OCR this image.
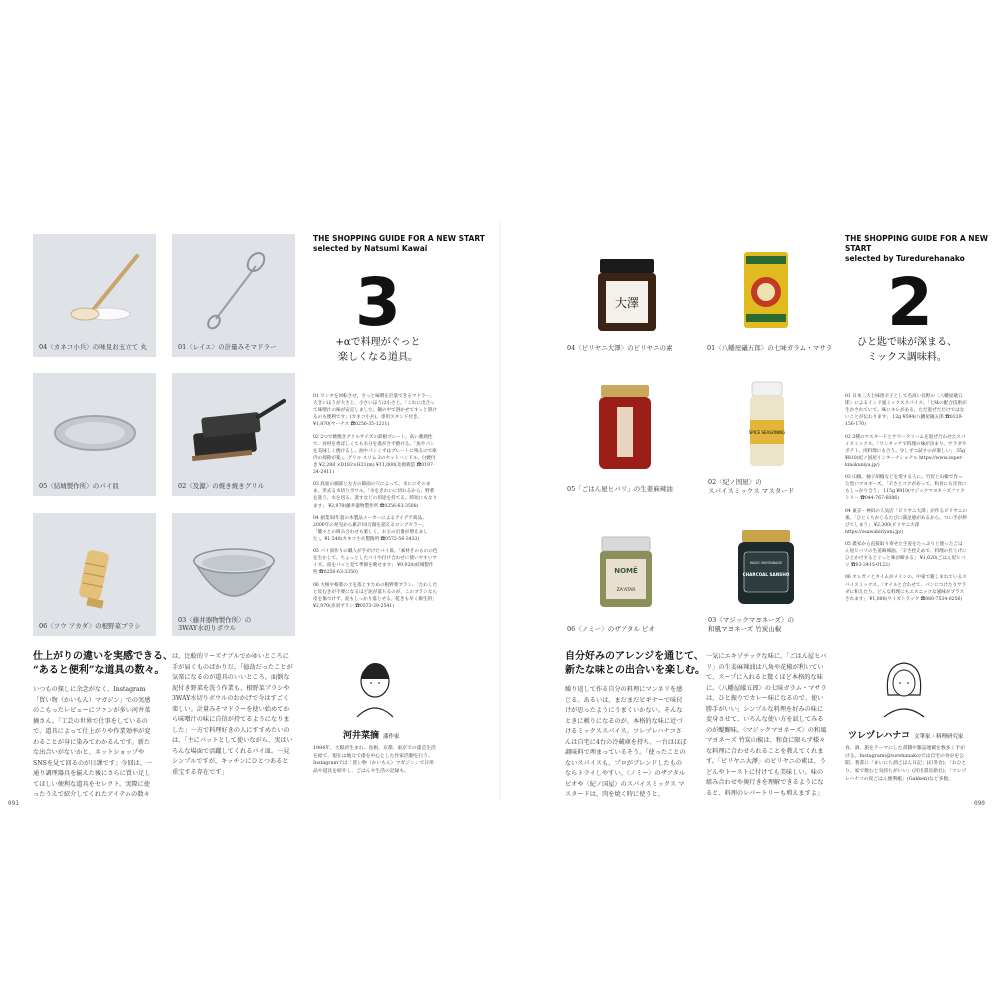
04〈カネコ小兵〉の味見お玉立て 丸	01〈レイエ〉の計量みそマドラー
05〈結城製作所〉のパイ皿	02〈及源〉の焼き焼きグリル
06〈ツウ アカダ〉の根野菜ブラシ
03〈藤井器物製作所〉の
3WAY水切りボウル
THE SHOPPING GUIDE FOR A NEW START
selected by Natsumi Kawai
3
+αで料理がぐっと
楽しくなる道具。

01 ワンタを回転させ、さっと味噌を計量できるマドラー。大きいほうが大さじ、小さいほうは小さじ。「これに出合って味噌汁の味が安定しました。鍋の中で溶かせてすっと溶けるのも便利です」(カネコ小兵)。専用スタンド付き。¥1,870(ヤーナス ☎0256-35-1211)

02 2つで焼焼きグリルサイズの鉄板プレート。高い蓄熱性で、食材を香ばしくても水分を逃がさず焼ける。「魚やパンを美味しく焼けるし、油やパンくずはプレートに残るので庫内の掃除が楽」。グリル スリム 2のセットハンドル、白焼付き ¥2,288 ×D182×H21(m) ¥11,000(及源鋳造 ☎0197-24-2411)

03 底面の細部と左方の隙面の穴によって、水ににそのまま。形式る水切りボウル。「水をきれいに切れるから、野菜を洗う、水を切る、蒸すなどの用途を持てる。時短にもなります」 ¥2,970(藤井器物製作所 ☎0256-63-3508)

04 創業50年超の木製品メーカーによるアイデア商品。2006年の発売から累計10万個を超えるロングセラー。「籐々との組み合わせも楽しく、お玉の出番が増えました」。¥1,540(カネコ小兵製陶所 ☎0572-56-3433)

05 パイ皿作りの職人が手がけたパイ皿。「素材そのものの色を生かして、ちょっとしたパイや付け合わせに使いやすいサイズ。皿をパッと見て季節を映せます」 ¥9,020(結城製作所 ☎0256-63-3350)

06 大根や根菜の土を落とすための根野菜ブラシ。「たわしだと皮むきが不要になるほど泥が落ちるのが、このブラシなら皮を傷つけず、泥もしっかり落とせる。乾きも早く衛生的」 ¥2,970(赤羽ブラシ ☎0573-29-2541)

仕上がりの違いを実感できる、
“あると便利”な道具の数々。

いつもの探しに余念がなく、Instagram「買い物（かいもん）マガジン」での実感のこもったレビューにファンが多い河井菜摘さん。「工芸の世界で仕事をしているので、道具によって仕上がりや作業効率が変わることが身に染みてわかるんです。新たな出合いがないかと、ネットショップやSNSを見て回るのが日課です」今回は、一通り調理器具を揃えた後にさらに買い足してほしい便利な道具をセレクト。実際に使ったうえで紹介してくれたアイテムの数々

は、比較的リーズナブルでかゆいところに手が届くものばかりだ。「億劫だったことが気楽になるのが道具のいいところ。面倒な泥付き野菜を洗う作業も、根野菜ブラシや3WAY水切りボウルのおかげで今はすごく楽しい。計量みそマドラーを使い始めてから味噌汁の味に自信が持てるようになりました」一方で料理好きの人にすすめたいのは、「主にパットとして使いながら、実はいろんな場面で活躍してくれるパイ皿。一見シンプルですが、キッチンにひとつあると重宝する存在です」

河井菜摘 漆作家
1984年、大阪府生まれ。島根、京都、東京での漆芸生活を経て、現在は地元で漆を中心とした作家活動を行う。Instagramでは「買い物（かいもん）マガジン」で日用品や道具を紹介し、ごはんや生活の記録も。
091
大澤
04〈ビリヤニ大澤〉のビリヤニの素	01〈八幡屋礒五郎〉の七味ガラム・マサラ
05「ごはん屋ヒバリ」の生姜麻辣油
SPICE SEASONING
02〈紀ノ国屋〉の
スパイスミックス マスタード
NOMĒ
ZA'ATAR
06〈ノミー〉のザアタル ビオ
MAGIC MAYONNAISE
CHARCOAL SANSHO
03〈マジックマヨネーズ〉の
和風マヨネーズ 竹炭山椒
THE SHOPPING GUIDE FOR A NEW START
selected by Turedurehanako
2
ひと匙で味が深まる、
ミックス調味料。

01 日本三大七味唐辛子として名高い長野の〈八幡屋礒五郎〉によるインド風ミックススパイス。「七味の配合技術が生かされていて、味にキレがある。ただ混ぜただけではないことが伝わります」 12g ¥594(八幡屋礒五郎 ☎0120-156-170)

02 3種のマスタードとサワークリームを混ぜ合わせたスパイスミックス。「ワンタッチで料理の味が決まり、サラダやポテト、肉料理にも合う。少しずつ試すのが楽しい」 35g ¥810(紀ノ国屋インターナショナル https://www.super-kinokuniya.jp/)

03 山椒、柚子胡椒などを愛する人に。竹炭と山椒で作った黒いマヨネーズ。「辛さとコクがあって、和食にも洋食にもしっかり合う」 115g ¥810(マジックマヨネーズファクトリー ☎044-767-6086)

04 東京・神田の人気店「ビリヤニ大澤」が作るビリヤニの素。「ひとくちかじるたびに満足感があるから、つい手が伸びてしまう」 ¥2,300(ビリヤニ大澤 https://osawabiriyani.jp/)

05 農家から直接取り寄せた生姜をたっぷりと使ったごはん屋ヒバリの生姜麻辣油。「辛さ控えめで、料理の仕上げにひとかけするとぐっと味が締まる」 ¥1,620(ごはん屋ヒバリ ☎03-3415-0122)

06 オレガノとタイムがメインの、中東で親しまれているスパイスミックス。「オイルと合わせて、パンにつけたりサラダに和えたり。どんな料理にもエスニックな風味がプラスされます」 ¥1,080(ワイズトラック ☎080-7534-0256)

自分好みのアレンジを通じて、
新たな味との出合いを楽しむ。

繰り返して作る自分の料理にマンネリを感じる。あるいは、まだまだビギナーで味付けが思ったようにうまくいかない。そんなときに頼りになるのが、本格的な味に近づけるミックススパイス。ツレヅレハナコさんは自宅に4台の冷蔵庫を持ち、一台はほぼ調味料で埋まっているそう。「使ったことのないスパイスも、プロがブレンドしたものならトライしやすい。〈ノミー〉のザアタル ビオや〈紀ノ国屋〉のスパイスミックス マスタードは、肉を焼く時に使うと、

一気にエキゾチックな味に。「ごはん屋ヒバリ」の生姜麻辣油は八角や花椒が利いていて、スープに入れると驚くほど本格的な味に。〈八幡屋礒五郎〉の七味ガラム・マサラは、ひと振りでカレー味になるので、使い勝手がいい」シンプルな料理を好みの味に変身させて、いろんな使い方を試してみるのが醍醐味。〈マジックマヨネーズ〉の和風マヨネーズ 竹炭山椒は、和食に限らず様々な料理に合わせられることを教えてくれます。「ビリヤニ大澤」のビリヤニの素は、うどんやトーストに付けても美味しい。味の組み合わせや奥行きを理解できるようになると、料理のレパートリーも増えますよ」

ツレヅレハナコ 文筆家・料理研究家
食、酒、旅をテーマにした書籍や雑誌連載を数多く手がける。Instagram(@turehanako)では自宅の食卓を公開。著書に「まいにち酒ごはん日記」(幻冬舎)、「おひとり、家で飲むと気持ちがいい」(河出書房新社)、「ツレヅレハナコの夜ごはん便利帳」(Gakken)など多数。
090
